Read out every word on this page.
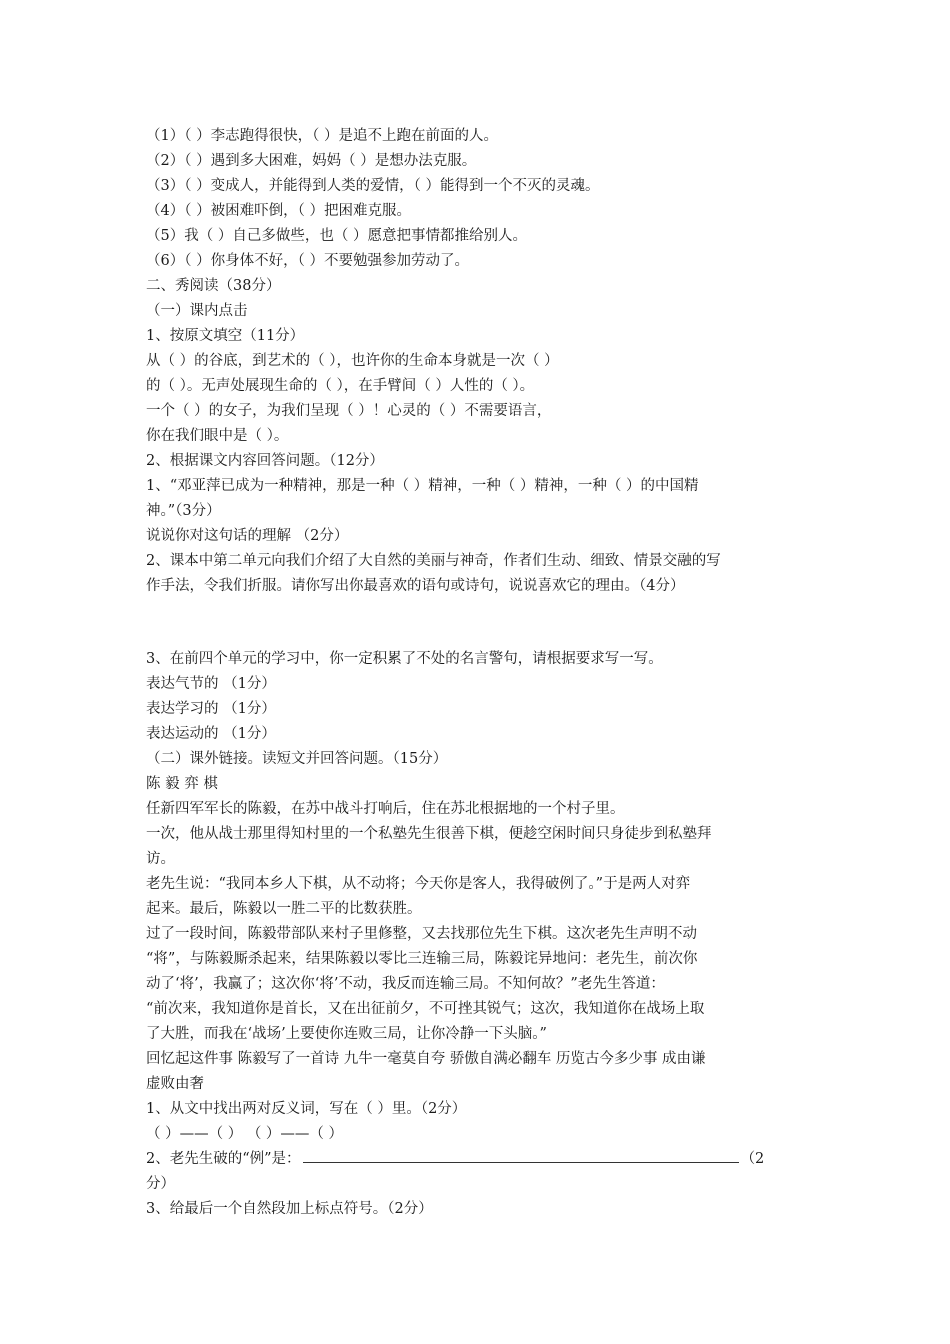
（1）（ ）李志跑得很快，（ ）是追不上跑在前面的人。
（2）（ ）遇到多大困难，妈妈（ ）是想办法克服。
（3）（ ）变成人，并能得到人类的爱情，（ ）能得到一个不灭的灵魂。
（4）（ ）被困难吓倒，（ ）把困难克服。
（5）我（ ）自己多做些，也（ ）愿意把事情都推给别人。
（6）（ ）你身体不好，（ ）不要勉强参加劳动了。
二、秀阅读（38分）
（一）课内点击
1、按原文填空（11分）
从（ ）的谷底，到艺术的（ ），也许你的生命本身就是一次（ ）
的（ ）。无声处展现生命的（ ），在手臂间（ ）人性的（ ）。
一个（ ）的女子，为我们呈现（ ）！心灵的（ ）不需要语言，
你在我们眼中是（ ）。
2、根据课文内容回答问题。（12分）
1、“邓亚萍已成为一种精神，那是一种（ ）精神，一种（ ）精神，一种（ ）的中国精
神。”（3分）
说说你对这句话的理解 （2分）
2、课本中第二单元向我们介绍了大自然的美丽与神奇，作者们生动、细致、情景交融的写
作手法，令我们折服。请你写出你最喜欢的语句或诗句，说说喜欢它的理由。（4分）
3、在前四个单元的学习中，你一定积累了不处的名言警句，请根据要求写一写。
表达气节的 （1分）
表达学习的 （1分）
表达运动的 （1分）
（二）课外链接。读短文并回答问题。（15分）
陈 毅 弈 棋
任新四军军长的陈毅，在苏中战斗打响后，住在苏北根据地的一个村子里。
一次，他从战士那里得知村里的一个私塾先生很善下棋，便趁空闲时间只身徒步到私塾拜
访。
老先生说：“我同本乡人下棋，从不动将；今天你是客人，我得破例了。”于是两人对弈
起来。最后，陈毅以一胜二平的比数获胜。
过了一段时间，陈毅带部队来村子里修整，又去找那位先生下棋。这次老先生声明不动
“将”，与陈毅厮杀起来，结果陈毅以零比三连输三局，陈毅诧异地问：老先生，前次你
动了‘将’，我赢了；这次你‘将’不动，我反而连输三局。不知何故？”老先生答道：
“前次来，我知道你是首长，又在出征前夕，不可挫其锐气；这次，我知道你在战场上取
了大胜，而我在‘战场’上要使你连败三局，让你冷静一下头脑。”
回忆起这件事 陈毅写了一首诗 九牛一毫莫自夸 骄傲自满必翻车 历览古今多少事 成由谦
虚败由奢
1、从文中找出两对反义词，写在（ ）里。（2分）
（ ）——（ ） （ ）——（ ）
2、老先生破的“例”是：	（2
分）
3、给最后一个自然段加上标点符号。（2分）
